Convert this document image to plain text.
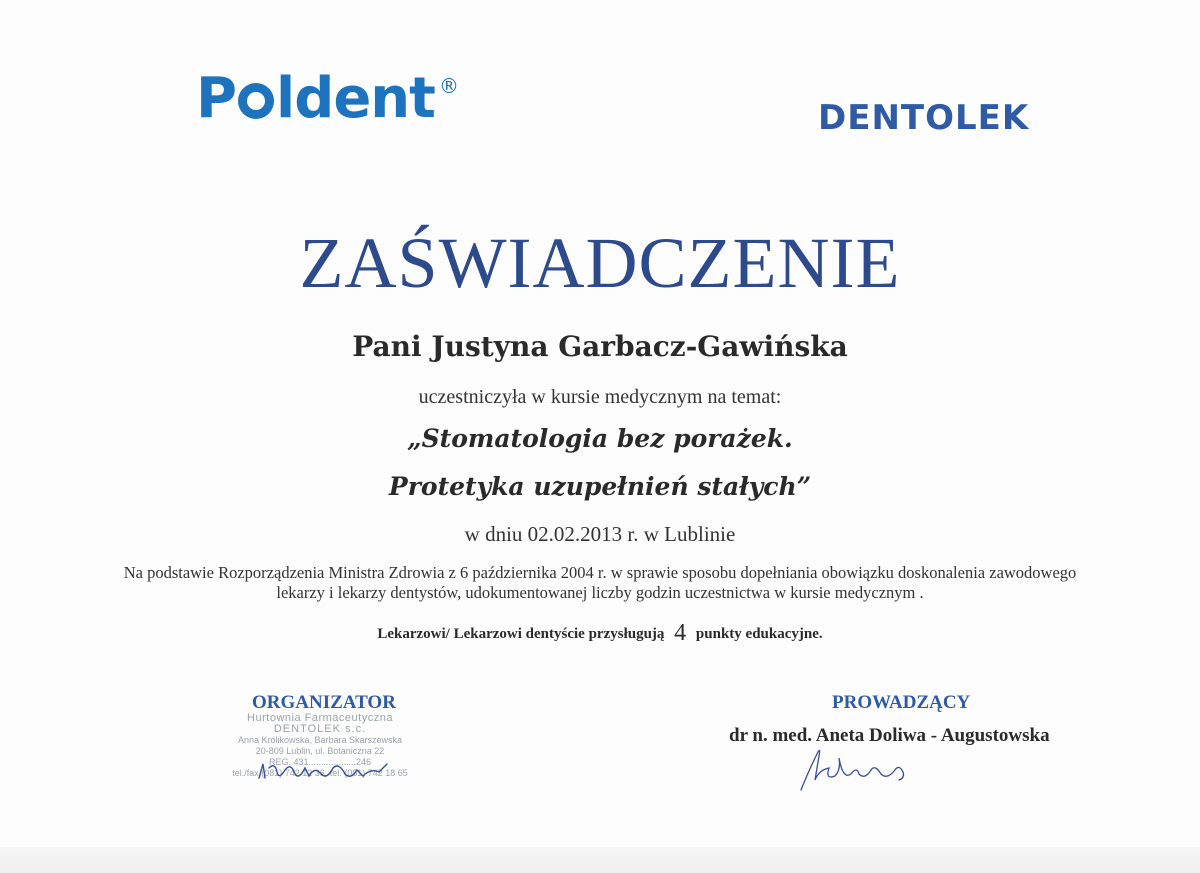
P ldent ®
DENTOLEK
ZAŚWIADCZENIE
Pani Justyna Garbacz-Gawińska
uczestniczyła w kursie medycznym na temat:
„Stomatologia bez porażek.
Protetyka uzupełnień stałych”
w dniu 02.02.2013 r. w Lublinie
Na podstawie Rozporządzenia Ministra Zdrowia z 6 października 2004 r. w sprawie sposobu dopełniania obowiązku doskonalenia zawodowego
lekarzy i lekarzy dentystów, udokumentowanej liczby godzin uczestnictwa w kursie medycznym .
Lekarzowi/ Lekarzowi dentyście przysługują 4 punkty edukacyjne.
ORGANIZATOR
Hurtownia Farmaceutyczna
DENTOLEK s.c.
Anna Królikowska, Barbara Skarszewska
20-809 Lublin, ul. Botaniczna 22
REG. 431...................246
tel./fax (081) 742 12 36, tel. (081) 742 18 65
PROWADZĄCY
dr n. med. Aneta Doliwa - Augustowska
